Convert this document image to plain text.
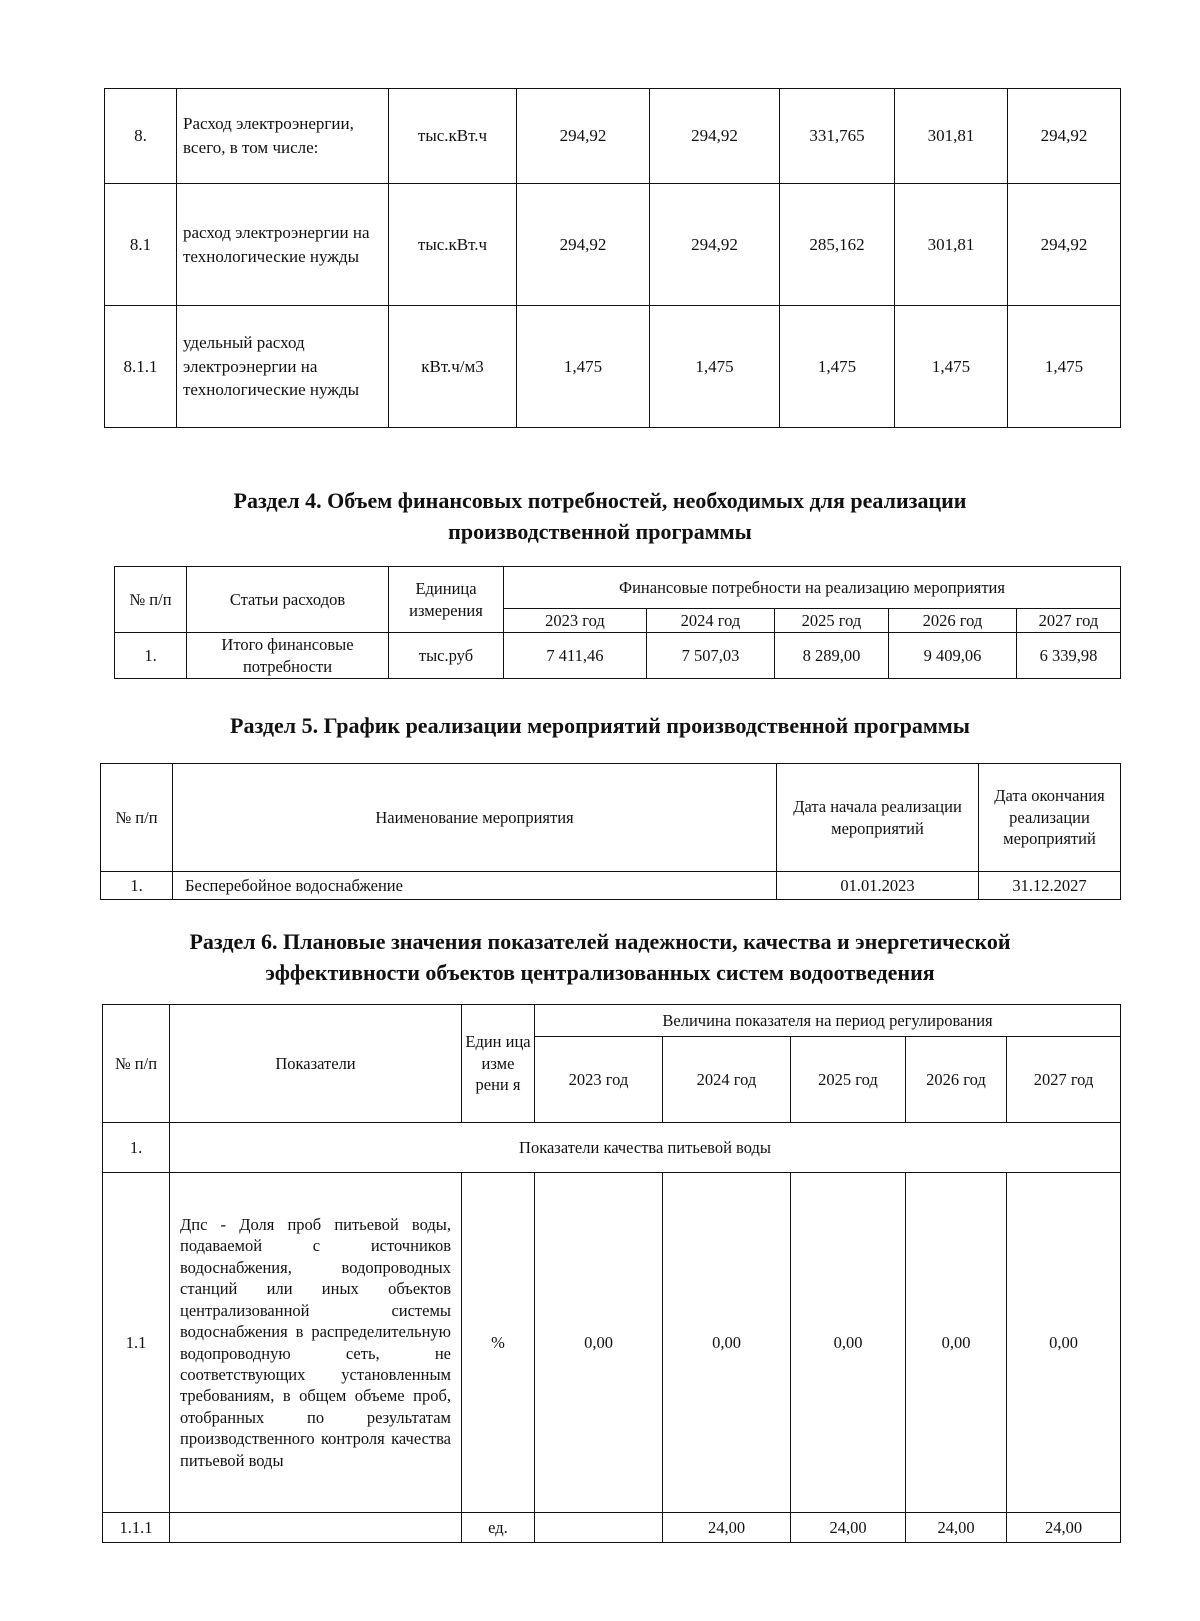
8.	Расход электроэнергии, всего, в том числе:	тыс.кВт.ч	294,92	294,92	331,765	301,81	294,92
8.1	расход электроэнергии на технологические нужды	тыс.кВт.ч	294,92	294,92	285,162	301,81	294,92
8.1.1	удельный расход электроэнергии на технологические нужды	кВт.ч/м3	1,475	1,475	1,475	1,475	1,475
Раздел 4. Объем финансовых потребностей, необходимых для реализации производственной программы
№ п/п	Статьи расходов	Единица измерения	Финансовые потребности на реализацию мероприятия				
			2023 год	2024 год	2025 год	2026 год	2027 год
1.	Итого финансовые потребности	тыс.руб	7 411,46	7 507,03	8 289,00	9 409,06	6 339,98
Раздел 5. График реализации мероприятий производственной программы
№ п/п	Наименование мероприятия	Дата начала реализации мероприятий	Дата окончания реализации мероприятий
1.	Бесперебойное водоснабжение	01.01.2023	31.12.2027
Раздел 6. Плановые значения показателей надежности, качества и энергетической эффективности объектов централизованных систем водоотведения
№ п/п	Показатели	Един ица изме рени я	Величина показателя на период регулирования				
			2023 год	2024 год	2025 год	2026 год	2027 год
1.	Показатели качества питьевой воды						
1.1	Дпс - Доля проб питьевой воды, подаваемой с источников водоснабжения, водопроводных станций или иных объектов централизованной системы водоснабжения в распределительную водопроводную сеть, не соответствующих установленным требованиям, в общем объеме проб, отобранных по результатам производственного контроля качества питьевой воды	%	0,00	0,00	0,00	0,00	0,00
1.1.1		ед.		24,00	24,00	24,00	24,00
